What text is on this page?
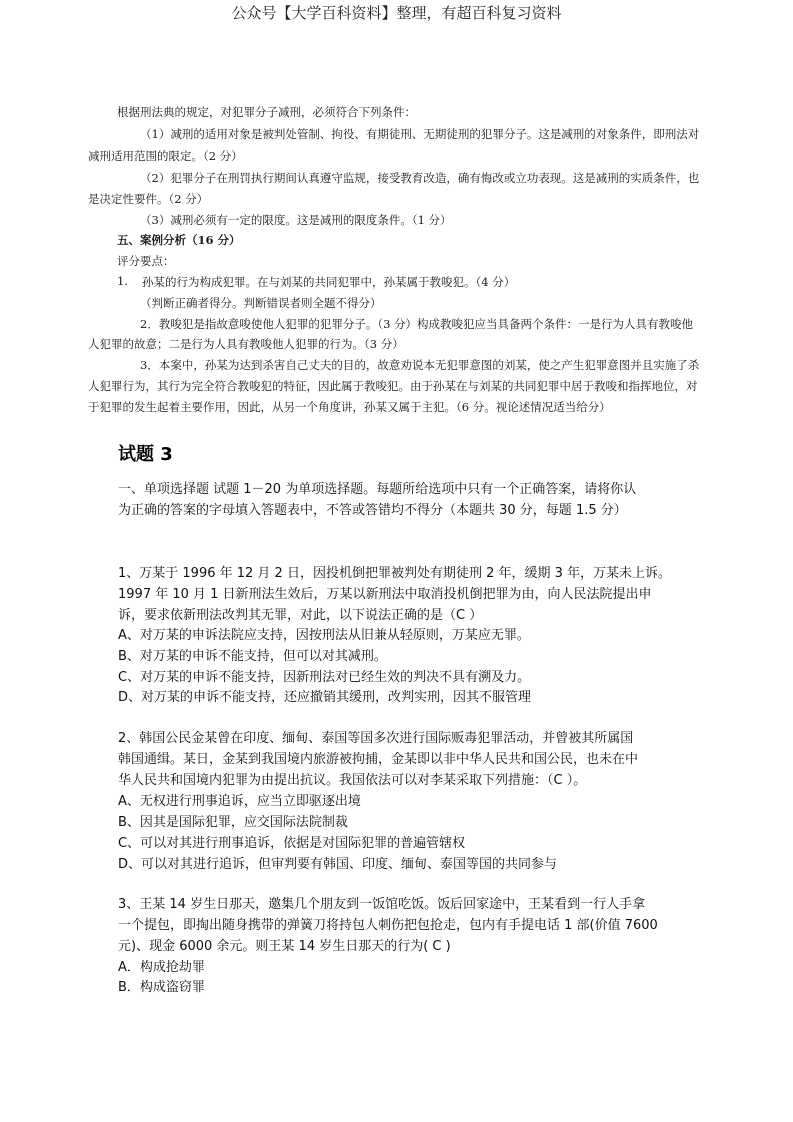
公众号【大学百科资料】整理，有超百科复习资料
根据刑法典的规定，对犯罪分子减刑，必须符合下列条件：
（1）减刑的适用对象是被判处管制、拘役、有期徒刑、无期徒刑的犯罪分子。这是减刑的对象条件，即刑法对
减刑适用范围的限定。（2 分）
（2）犯罪分子在刑罚执行期间认真遵守监规，接受教育改造，确有悔改或立功表现。这是减刑的实质条件，也
是决定性要件。（2 分）
（3）减刑必须有一定的限度。这是减刑的限度条件。（1 分）
五、案例分析（16 分）
评分要点：
1. 孙某的行为构成犯罪。在与刘某的共同犯罪中，孙某属于教唆犯。（4 分）
（判断正确者得分。判断错误者则全题不得分）
2．教唆犯是指故意唆使他人犯罪的犯罪分子。（3 分）构成教唆犯应当具备两个条件：一是行为人具有教唆他
人犯罪的故意；二是行为人具有教唆他人犯罪的行为。（3 分）
3．本案中，孙某为达到杀害自己丈夫的目的，故意劝说本无犯罪意图的刘某，使之产生犯罪意图并且实施了杀
人犯罪行为，其行为完全符合教唆犯的特征，因此属于教唆犯。由于孙某在与刘某的共同犯罪中居于教唆和指挥地位，对
于犯罪的发生起着主要作用，因此，从另一个角度讲，孙某又属于主犯。（6 分。视论述情况适当给分）
试题 3
一、单项选择题 试题 1－20 为单项选择题。每题所给选项中只有一个正确答案，请将你认
为正确的答案的字母填入答题表中，不答或答错均不得分（本题共 30 分，每题 1.5 分）
1、万某于 1996 年 12 月 2 日，因投机倒把罪被判处有期徒刑 2 年，缓期 3 年，万某未上诉。
1997 年 10 月 1 日新刑法生效后，万某以新刑法中取消投机倒把罪为由，向人民法院提出申
诉，要求依新刑法改判其无罪，对此，以下说法正确的是（C ）
A、对万某的申诉法院应支持，因按刑法从旧兼从轻原则，万某应无罪。
B、对万某的申诉不能支持，但可以对其减刑。
C、对万某的申诉不能支持，因新刑法对已经生效的判决不具有溯及力。
D、对万某的申诉不能支持，还应撤销其缓刑，改判实刑，因其不服管理
2、韩国公民金某曾在印度、缅甸、泰国等国多次进行国际贩毒犯罪活动，并曾被其所属国
韩国通缉。某日，金某到我国境内旅游被拘捕，金某即以非中华人民共和国公民，也未在中
华人民共和国境内犯罪为由提出抗议。我国依法可以对李某采取下列措施：（C ）。
A、无权进行刑事追诉，应当立即驱逐出境
B、因其是国际犯罪，应交国际法院制裁
C、可以对其进行刑事追诉，依据是对国际犯罪的普遍管辖权
D、可以对其进行追诉，但审判要有韩国、印度、缅甸、泰国等国的共同参与
3、王某 14 岁生日那天，邀集几个朋友到一饭馆吃饭。饭后回家途中，王某看到一行人手拿
一个提包，即掏出随身携带的弹簧刀将持包人刺伤把包抢走，包内有手提电话 1 部(价值 7600
元)、现金 6000 余元。则王某 14 岁生日那天的行为( C )
A．构成抢劫罪
B．构成盗窃罪
